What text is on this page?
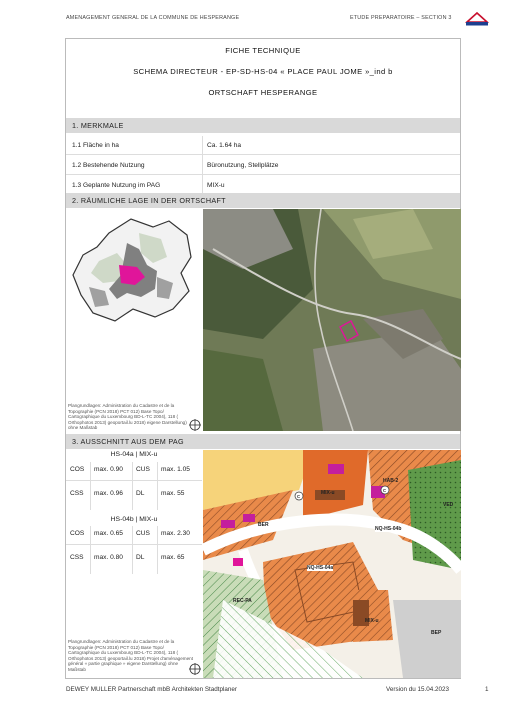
AMENAGEMENT GENERAL DE LA COMMUNE DE HESPERANGE	ETUDE PREPARATOIRE – SECTION 3
FICHE TECHNIQUE
SCHEMA DIRECTEUR - EP-SD-HS-04 « PLACE PAUL JOME »_ind b
ORTSCHAFT HESPERANGE
1. MERKMALE
1.1 Fläche in ha	Ca. 1.64 ha
1.2 Bestehende Nutzung	Büronutzung, Stellplätze
1.3 Geplante Nutzung im PAG	MIX-u
2. RÄUMLICHE LAGE IN DER ORTSCHAFT
Plangrundlagen: Administration du Cadastre et de la Topographie (PCN 2018) PCT 012) Base Topo/ Cartographique du Luxembourg BD-L-TC 2004), 118 ( Orthophotos 2013) geoportail.lu 2018) eigene Darstellung) ohne Maßstab
3. AUSSCHNITT AUS DEM PAG
HS-04a | MIX-u
COS max. 0.90 CUS max. 1.05
CSS max. 0.96 DL	max. 55
HS-04b | MIX-u
COS max. 0.65 CUS max. 2.30
CSS max. 0.80 DL	max. 65
MIX-u
HAB-2
BER
NQ-HS-04b
NQ-HS-04a
REC-PA
MIX-u
BEP
VED
C
C
Plangrundlagen: Administration du Cadastre et de la Topographie (PCN 2018) PCT 012) Base Topo/ Cartographique du Luxembourg BD-L-TC 2004), 118 ( Orthophotos 2013) geoportail.lu 2018) Projet d'aménagement général « partie graphique » eigene Darstellung) ohne Maßstab
DEWEY MULLER Partnerschaft mbB Architekten Stadtplaner	Version du 15.04.2023	1
